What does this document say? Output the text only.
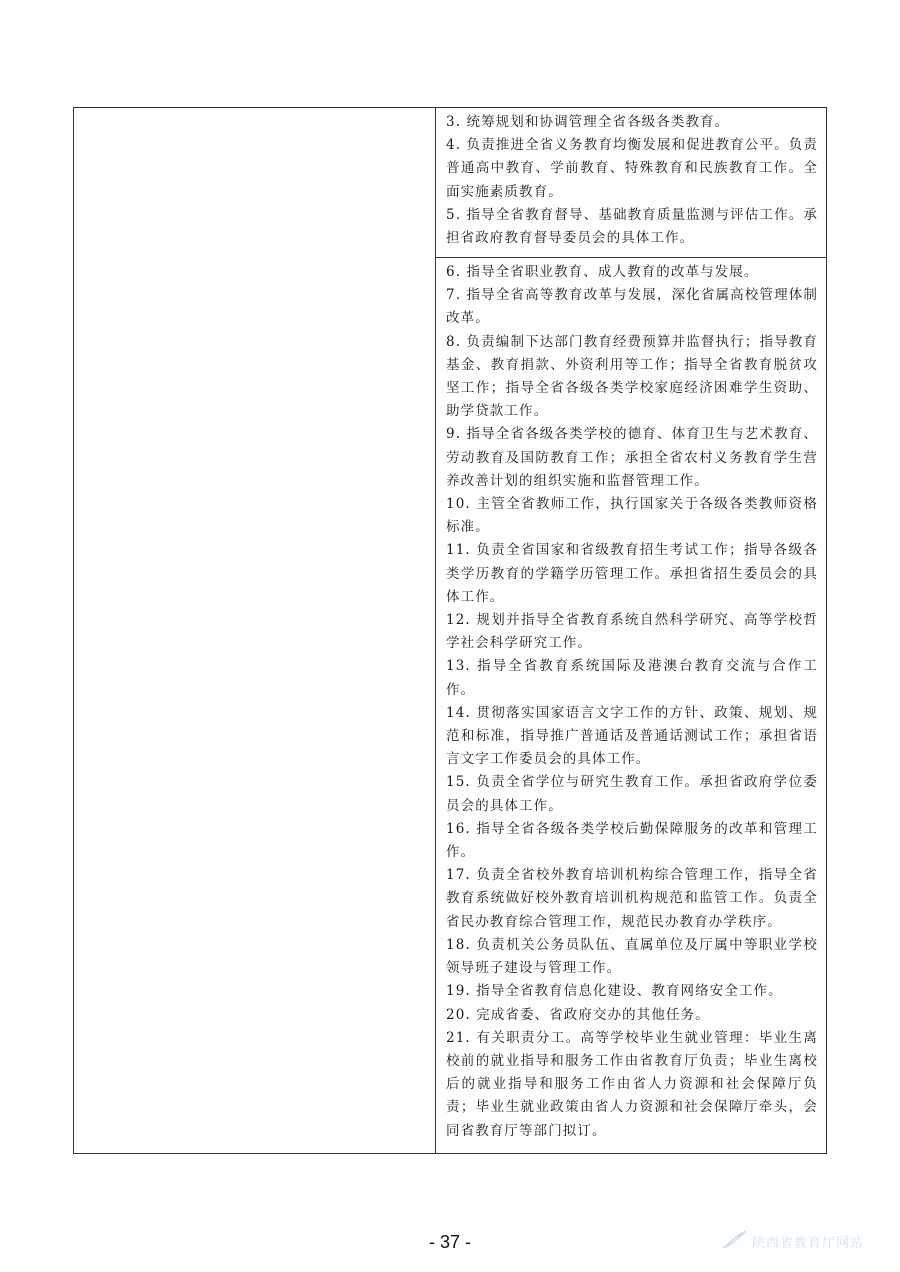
3. 统筹规划和协调管理全省各级各类教育。

4. 负责推进全省义务教育均衡发展和促进教育公平。负责普通高中教育、学前教育、特殊教育和民族教育工作。全面实施素质教育。

5. 指导全省教育督导、基础教育质量监测与评估工作。承担省政府教育督导委员会的具体工作。

6. 指导全省职业教育、成人教育的改革与发展。

7. 指导全省高等教育改革与发展，深化省属高校管理体制改革。

8. 负责编制下达部门教育经费预算并监督执行；指导教育基金、教育捐款、外资利用等工作；指导全省教育脱贫攻坚工作；指导全省各级各类学校家庭经济困难学生资助、助学贷款工作。

9. 指导全省各级各类学校的德育、体育卫生与艺术教育、劳动教育及国防教育工作；承担全省农村义务教育学生营养改善计划的组织实施和监督管理工作。

10. 主管全省教师工作，执行国家关于各级各类教师资格标准。

11. 负责全省国家和省级教育招生考试工作；指导各级各类学历教育的学籍学历管理工作。承担省招生委员会的具体工作。

12. 规划并指导全省教育系统自然科学研究、高等学校哲学社会科学研究工作。

13. 指导全省教育系统国际及港澳台教育交流与合作工作。

14. 贯彻落实国家语言文字工作的方针、政策、规划、规范和标准，指导推广普通话及普通话测试工作；承担省语言文字工作委员会的具体工作。

15. 负责全省学位与研究生教育工作。承担省政府学位委员会的具体工作。

16. 指导全省各级各类学校后勤保障服务的改革和管理工作。

17. 负责全省校外教育培训机构综合管理工作，指导全省教育系统做好校外教育培训机构规范和监管工作。负责全省民办教育综合管理工作，规范民办教育办学秩序。

18. 负责机关公务员队伍、直属单位及厅属中等职业学校领导班子建设与管理工作。

19. 指导全省教育信息化建设、教育网络安全工作。

20. 完成省委、省政府交办的其他任务。

21. 有关职责分工。高等学校毕业生就业管理：毕业生离校前的就业指导和服务工作由省教育厅负责；毕业生离校后的就业指导和服务工作由省人力资源和社会保障厅负责；毕业生就业政策由省人力资源和社会保障厅牵头，会同省教育厅等部门拟订。

- 37 -	陕西省教育厅网站
